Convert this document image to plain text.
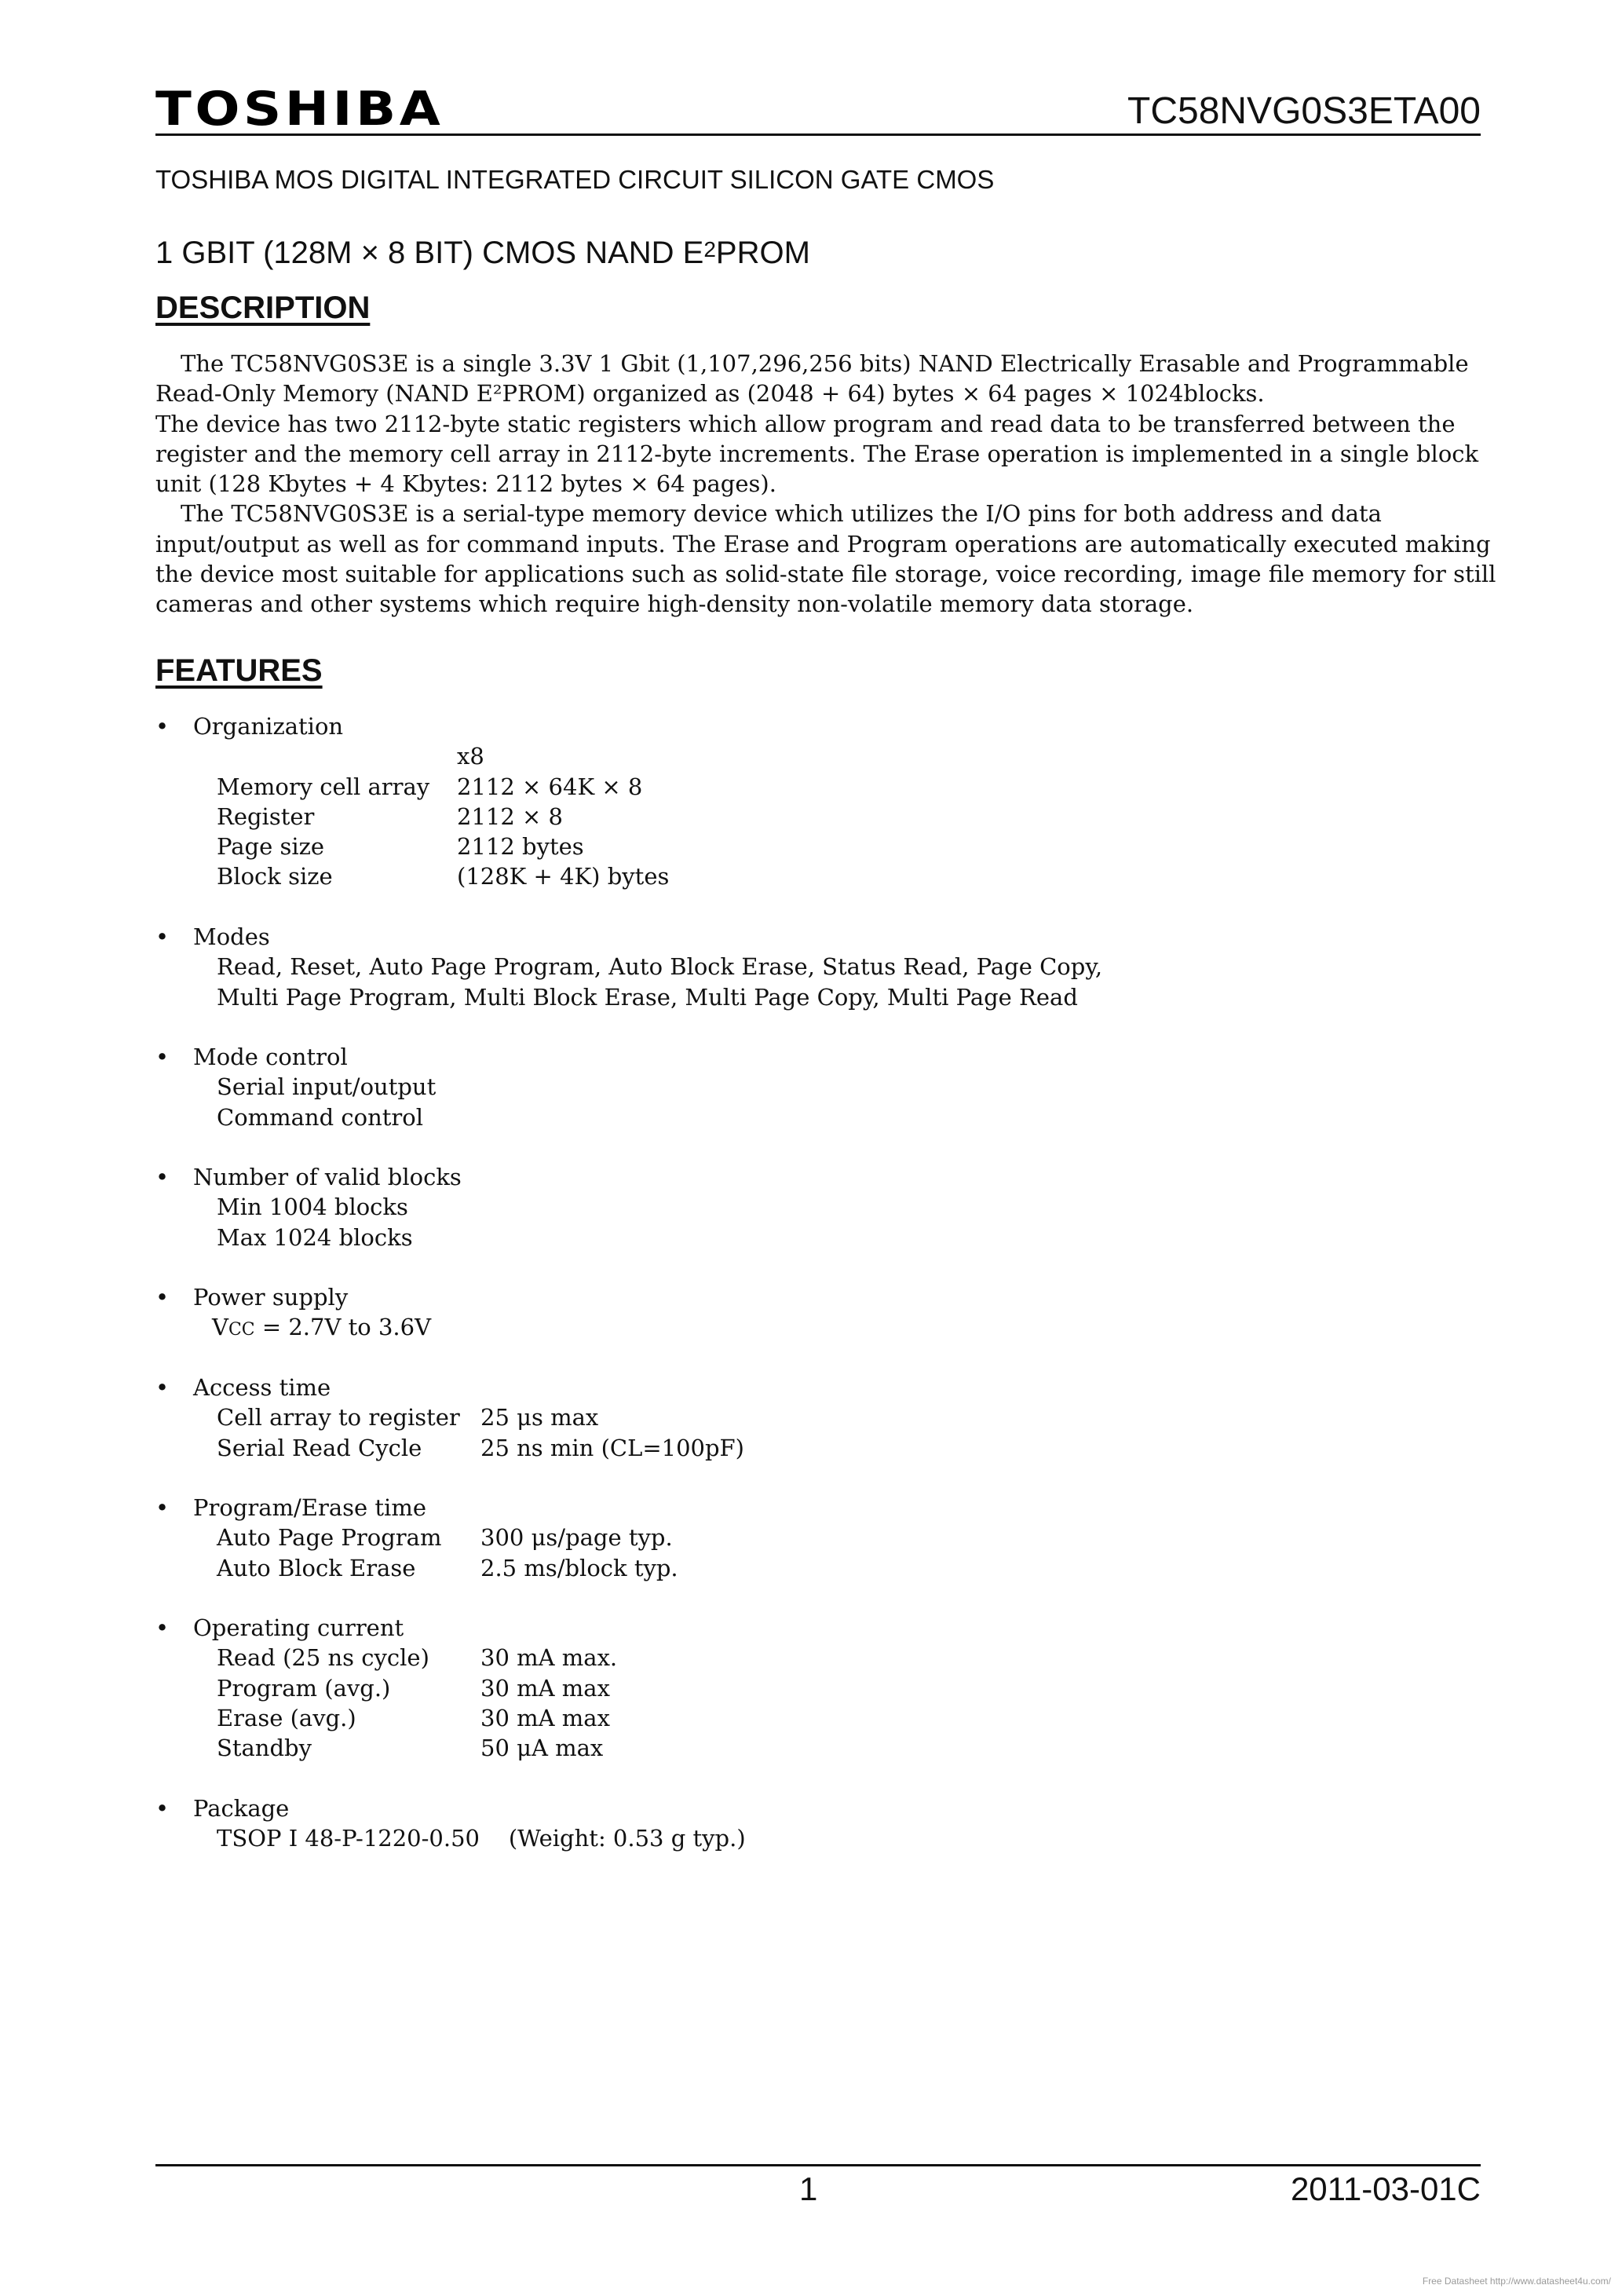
TOSHIBA	TC58NVG0S3ETA00
TOSHIBA MOS DIGITAL INTEGRATED CIRCUIT SILICON GATE CMOS
1 GBIT (128M × 8 BIT) CMOS NAND $E^2PROM$
DESCRIPTION

The TC58NVG0S3E is a single 3.3V 1 Gbit (1,107,296,256 bits) NAND Electrically Erasable and Programmable

Read-Only Memory (NAND E²PROM) organized as (2048 + 64) bytes × 64 pages × 1024blocks.

The device has two 2112-byte static registers which allow program and read data to be transferred between the

register and the memory cell array in 2112-byte increments. The Erase operation is implemented in a single block

unit (128 Kbytes + 4 Kbytes: 2112 bytes × 64 pages).

The TC58NVG0S3E is a serial-type memory device which utilizes the I/O pins for both address and data

input/output as well as for command inputs. The Erase and Program operations are automatically executed making

the device most suitable for applications such as solid-state file storage, voice recording, image file memory for still

cameras and other systems which require high-density non-volatile memory data storage.

FEATURES
• Organization
x8
Memory cell array 2112 × 64K × 8
Register	2112 × 8
Page size	2112 bytes
Block size	(128K + 4K) bytes
• Modes
Read, Reset, Auto Page Program, Auto Block Erase, Status Read, Page Copy,
Multi Page Program, Multi Block Erase, Multi Page Copy, Multi Page Read
• Mode control
Serial input/output
Command control
• Number of valid blocks
Min 1004 blocks
Max 1024 blocks
• Power supply
VCC = 2.7V to 3.6V
• Access time
Cell array to register 25 μs max
Serial Read Cycle	25 ns min (CL=100pF)
• Program/Erase time
Auto Page Program 300 μs/page typ.
Auto Block Erase	2.5 ms/block typ.
• Operating current
Read (25 ns cycle) 30 mA max.
Program (avg.)	30 mA max
Erase (avg.)	30 mA max
Standby	50 μA max
• Package
TSOP I 48-P-1220-0.50    (Weight: 0.53 g typ.)
1	2011-03-01C
Free Datasheet http://www.datasheet4u.com/
